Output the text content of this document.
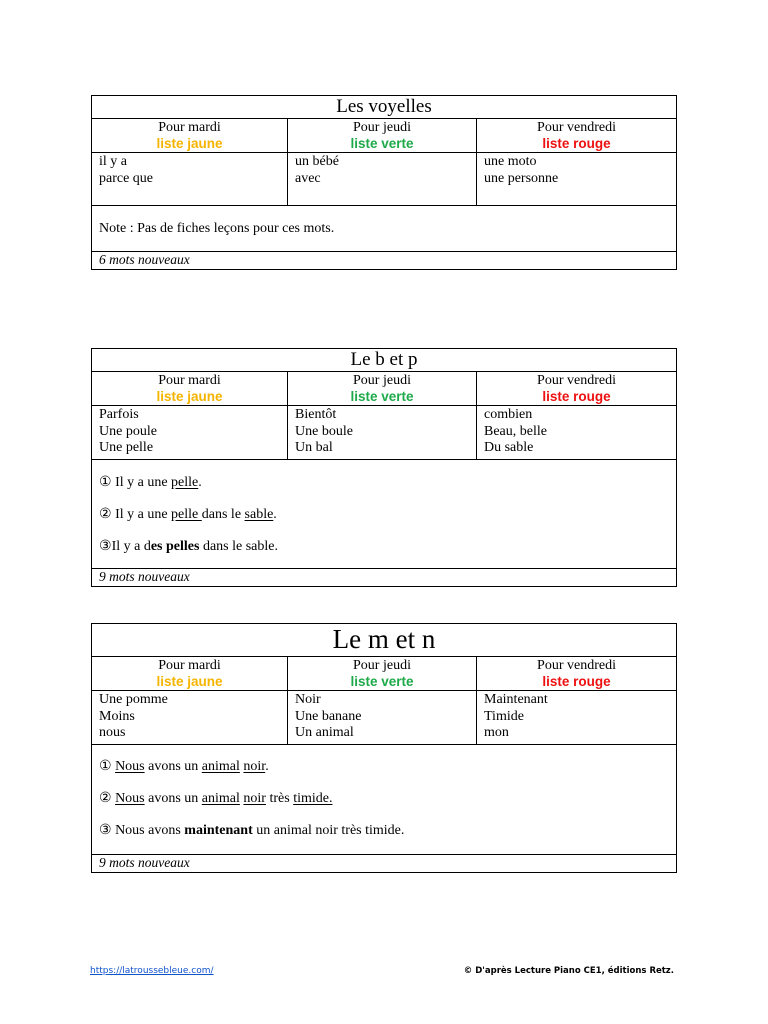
Les voyelles
Pour mardi
liste jaune
Pour jeudi
liste verte
Pour vendredi
liste rouge
il y a
parce que
un bébé
avec
une moto
une personne

Note : Pas de fiches leçons pour ces mots.

6 mots nouveaux
Le b et p
Pour mardi
liste jaune
Pour jeudi
liste verte
Pour vendredi
liste rouge
Parfois
Une poule
Une pelle
Bientôt
Une boule
Un bal
combien
Beau, belle
Du sable

① Il y a une pelle.

② Il y a une pelle dans le sable.

③Il y a des pelles dans le sable.

9 mots nouveaux
Le m et n
Pour mardi
liste jaune
Pour jeudi
liste verte
Pour vendredi
liste rouge
Une pomme
Moins
nous
Noir
Une banane
Un animal
Maintenant
Timide
mon

① Nous avons un animal noir.

② Nous avons un animal noir très timide.

③ Nous avons maintenant un animal noir très timide.

9 mots nouveaux
https://latroussebleue.com/	© D'après Lecture Piano CE1, éditions Retz.
